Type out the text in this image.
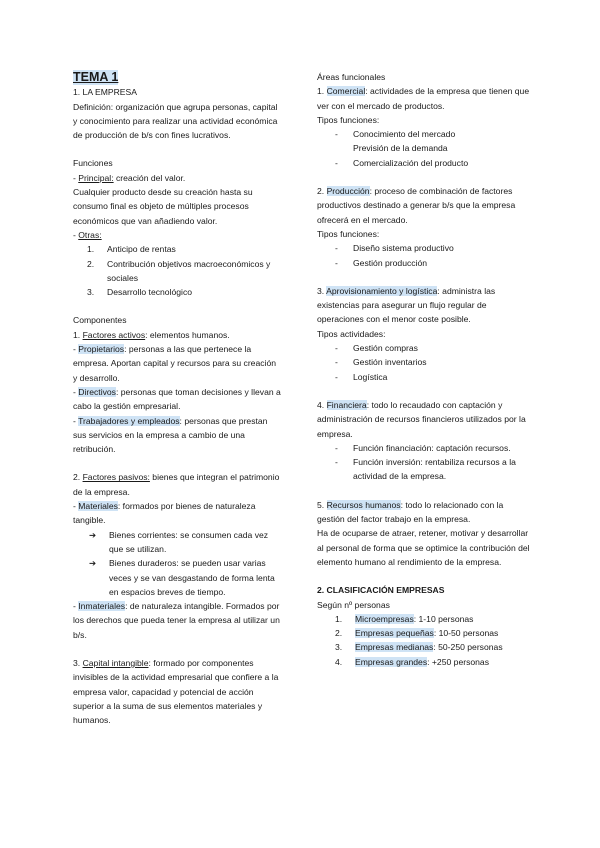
TEMA 1

1. LA EMPRESA

Definición: organización que agrupa personas, capital y conocimiento para realizar una actividad económica de producción de b/s con fines lucrativos.

Funciones

- Principal: creación del valor.

Cualquier producto desde su creación hasta su consumo final es objeto de múltiples procesos económicos que van añadiendo valor.

- Otras:

1.	Anticipo de rentas
2.	Contribución objetivos macroeconómicos y sociales
3.	Desarrollo tecnológico

Componentes

1. Factores activos: elementos humanos.

- Propietarios: personas a las que pertenece la empresa. Aportan capital y recursos para su creación y desarrollo.

- Directivos: personas que toman decisiones y llevan a cabo la gestión empresarial.

- Trabajadores y empleados: personas que prestan sus servicios en la empresa a cambio de una retribución.

2. Factores pasivos: bienes que integran el patrimonio de la empresa.

- Materiales: formados por bienes de naturaleza tangible.

➔	Bienes corrientes: se consumen cada vez que se utilizan.
➔	Bienes duraderos: se pueden usar varias veces y se van desgastando de forma lenta en espacios breves de tiempo.

- Inmateriales: de naturaleza intangible. Formados por los derechos que pueda tener la empresa al utilizar un b/s.

3. Capital intangible: formado por componentes invisibles de la actividad empresarial que confiere a la empresa valor, capacidad y potencial de acción superior a la suma de sus elementos materiales y humanos.

Áreas funcionales

1. Comercial: actividades de la empresa que tienen que ver con el mercado de productos.

Tipos funciones:

-	Conocimiento del mercado
Previsión de la demanda
-	Comercialización del producto

2. Producción: proceso de combinación de factores productivos destinado a generar b/s que la empresa ofrecerá en el mercado.

Tipos funciones:

-	Diseño sistema productivo
-	Gestión producción

3. Aprovisionamiento y logística: administra las existencias para asegurar un flujo regular de operaciones con el menor coste posible.

Tipos actividades:

-	Gestión compras
-	Gestión inventarios
-	Logística

4. Financiera: todo lo recaudado con captación y administración de recursos financieros utilizados por la empresa.

-	Función financiación: captación recursos.
-	Función inversión: rentabiliza recursos a la actividad de la empresa.

5. Recursos humanos: todo lo relacionado con la gestión del factor trabajo en la empresa.

Ha de ocuparse de atraer, retener, motivar y desarrollar al personal de forma que se optimice la contribución del elemento humano al rendimiento de la empresa.

2. CLASIFICACIÓN EMPRESAS

Según nº personas

1.	Microempresas: 1-10 personas
2.	Empresas pequeñas: 10-50 personas
3.	Empresas medianas: 50-250 personas
4.	Empresas grandes: +250 personas
